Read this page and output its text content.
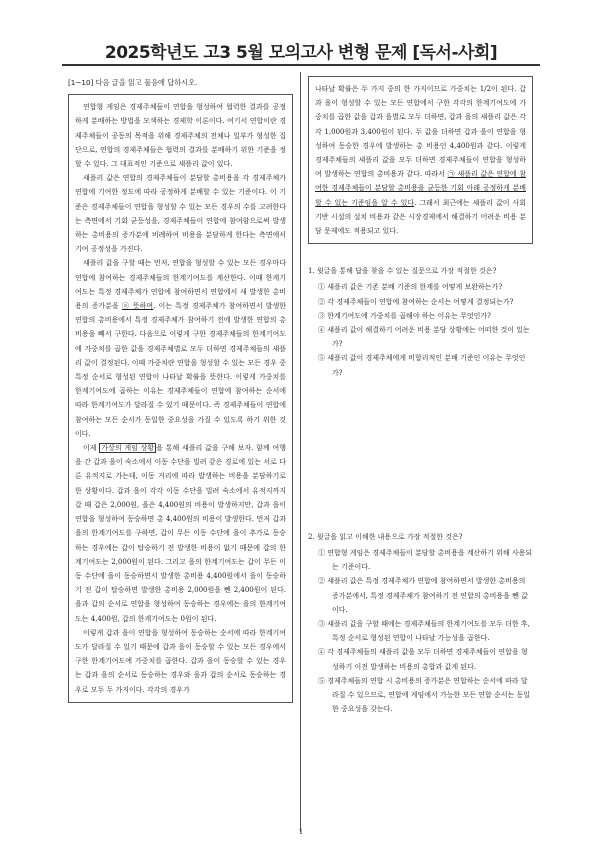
2025학년도 고3 5월 모의고사 변형 문제 [독서-사회]
[1~10] 다음 글을 읽고 물음에 답하시오.

연합형 게임은 경제주체들이 연합을 형성하여 협력한 결과를 공정하게 분배하는 방법을 모색하는 경제학 이론이다. 여기서 연합이란 경제주체들이 공동의 목적을 위해 경제주체의 전체나 일부가 형성한 집단으로, 연합의 경제주체들은 협력의 결과를 분배하기 위한 기준을 정할 수 있다. 그 대표적인 기준으로 섀플리 값이 있다.

섀플리 값은 연합의 경제주체들이 분담할 총비용을 각 경제주체가 연합에 기여한 정도에 따라 공정하게 분배할 수 있는 기준이다. 이 기준은 경제주체들이 연합을 형성할 수 있는 모든 경우의 수를 고려한다는 측면에서 기회 균등성을, 경제주체들이 연합에 참여함으로써 발생하는 총비용의 증가분에 비례하여 비용을 분담하게 한다는 측면에서 기여 공정성을 가진다.

섀플리 값을 구할 때는 먼저, 연합을 형성할 수 있는 모든 경우마다 연합에 참여하는 경제주체들의 한계기여도를 계산한다. 이때 한계기여도는 특정 경제주체가 연합에 참여하면서 연합에서 새 발생한 총비용의 증가분을 ⓐ 뜻하며, 이는 특정 경제주체가 참여하면서 발생한 연합의 총비용에서 특정 경제주체가 참여하기 전에 발생한 연합의 총비용을 빼서 구한다. 다음으로 이렇게 구한 경제주체들의 한계기여도에 가중치를 곱한 값을 경제주체별로 모두 더하면 경제주체들의 섀플리 값이 결정된다. 이때 가중치란 연합을 형성할 수 있는 모든 경우 중 특정 순서로 형성된 연합이 나타날 확률을 뜻한다. 이렇게 가중치를 한계기여도에 곱하는 이유는 경제주체들이 연합에 참여하는 순서에 따라 한계기여도가 달라질 수 있기 때문이다. 즉 경제주체들이 연합에 참여하는 모든 순서가 동일한 중요성을 가질 수 있도록 하기 위한 것이다.

이제 가상의 게임 상황 을 통해 섀플리 값을 구해 보자. 함께 여행을 간 갑과 을이 숙소에서 이동 수단을 빌려 같은 경로에 있는 서로 다른 유적지로 가는데, 이동 거리에 따라 발생하는 비용을 분담하기로 한 상황이다. 갑과 을이 각각 이동 수단을 빌려 숙소에서 유적지까지 갈 때 갑은 2,000원, 을은 4,400원의 비용이 발생하지만, 갑과 을이 연합을 형성하여 동승하면 총 4,400원의 비용이 발생한다. 먼저 갑과 을의 한계기여도를 구하면, 갑이 무든 이동 수단에 을이 추가로 동승하는 경우에는 갑이 탑승하기 전 발생한 비용이 없기 때문에 갑의 한계기여도는 2,000원이 된다. 그리고 을의 한계기여도는 갑이 무든 이동 수단에 을이 동승하면서 발생한 총비용 4,400원에서 을이 동승하기 전 갑이 탑승하면 발생한 총비용 2,000원을 뺀 2,400원이 된다. 을과 갑의 순서로 연합을 형성하여 동승하는 경우에는 을의 한계기여도는 4,400원, 갑의 한계기여도는 0원이 된다.

이렇게 갑과 을이 연합을 형성하여 동승하는 순서에 따라 한계기여도가 달라질 수 있기 때문에 갑과 을이 동승할 수 있는 모든 경우에서 구한 한계기여도에 가중치를 곱한다. 갑과 을이 동승할 수 있는 경우는 갑과 을의 순서로 동승하는 경우와 을과 갑의 순서로 동승하는 경우로 모두 두 가지이다. 각각의 경우가

나타날 확률은 두 가지 중의 한 가지이므로 가중치는 1/2이 된다. 갑과 을이 형성할 수 있는 모든 연합에서 구한 각각의 한계기여도에 가중치를 곱한 값을 갑과 을별로 모두 더하면, 갑과 을의 섀플리 값은 각각 1,000원과 3,400원이 된다. 두 값을 더하면 갑과 을이 연합을 형성하여 동승한 경우에 발생하는 총 비용인 4,400원과 같다. 이렇게 경제주체들의 섀플리 값을 모두 더하면 경제주체들이 연합을 형성하여 발생하는 연합의 총비용과 같다. 따라서 ㉠ 섀플리 값은 연합에 참여한 경제주체들이 분담할 총비용을 균등한 기회 아래 공정하게 분배할 수 있는 기준임을 알 수 있다. 그래서 최근에는 섀플리 값이 사회 기반 시설의 설치 비용과 같은 시장경제에서 해결하기 어려운 비용 분담 문제에도 적용되고 있다.

1. 윗글을 통해 답을 찾을 수 있는 질문으로 가장 적절한 것은?

① 섀플리 값은 기존 분배 기준의 한계를 어떻게 보완하는가?

② 각 경제주체들이 연합에 참여하는 순서는 어떻게 결정되는가?

③ 한계기여도에 가중치를 곱해야 하는 이유는 무엇인가?

④ 섀플리 값이 해결하기 어려운 비용 분담 상황에는 어떠한 것이 있는가?

⑤ 섀플리 값이 경제주체에게 비합리적인 분배 기준인 이유는 무엇인가?

2. 윗글을 읽고 이해한 내용으로 가장 적절한 것은?

① 연합형 게임은 경제주체들이 분담할 총비용을 계산하기 위해 사용되는 기준이다.

② 섀플리 값은 특정 경제주체가 연합에 참여하면서 발생한 총비용의 증가분에서, 특정 경제주체가 참여하기 전 연합의 총비용을 뺀 값이다.

③ 섀플리 값을 구할 때에는 경제주체들의 한계기여도를 모두 더한 후, 특정 순서로 형성된 연합이 나타날 가능성을 곱한다.

④ 각 경제주체들의 섀플리 값을 모두 더하면 경제주체들이 연합을 형성하기 이전 발생하는 비용의 총합과 값게 된다.

⑤ 경제주체들의 연합 시 총비용의 증가분은 연합하는 순서에 따라 달라질 수 있으므로, 연합에 게임에서 가능한 모든 연합 순서는 동일한 중요성을 갖는다.

1
